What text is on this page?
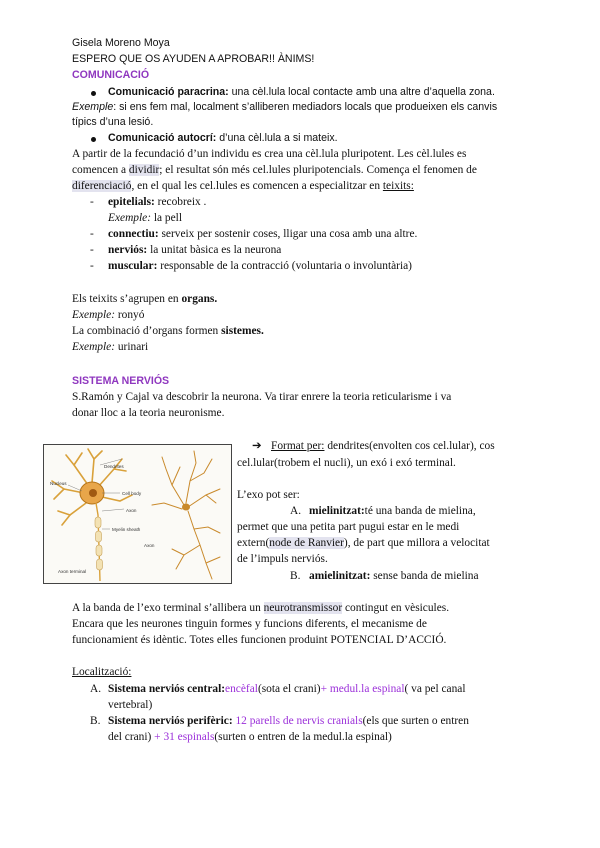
Gisela Moreno Moya
ESPERO QUE OS AYUDEN A APROBAR!! ÀNIMS!
COMUNICACIÓ
Comunicació paracrina: una cèl.lula local contacte amb una altre d’aquella zona.
Exemple: si ens fem mal, localment s’alliberen mediadors locals que produeixen els canvis
típics d’una lesió.
Comunicació autocrí: d’una cèl.lula a si mateix.
A partir de la fecundació d’un individu es crea una cèl.lula pluripotent. Les cèl.lules es
comencen a dividir; el resultat són més cel.lules pluripotencials. Comença el fenomen de
diferenciació, en el qual les cel.lules es comencen a especialitzar en teixits:
- epitelials: recobreix .
Exemple: la pell
- connectiu: serveix per sostenir coses, lligar una cosa amb una altre.
- nerviós: la unitat bàsica es la neurona
- muscular: responsable de la contracció (voluntaria o involuntària)
Els teixits s’agrupen en organs.
Exemple: ronyó
La combinació d’organs formen sistemes.
Exemple: urinari
SISTEMA NERVIÓS
S.Ramón y Cajal va descobrir la neurona. Va tirar enrere la teoria reticularisme i va
donar lloc a la teoria neuronisme.
Dendrites
Cell body
Axon
Myelin sheath
Nucleus
Axon
Axon terminal
➔ Format per: dendrites(envolten cos cel.lular), cos
cel.lular(trobem el nucli), un exó i exó terminal.
L’exo pot ser:
A. mielinitzat:té una banda de mielina,
permet que una petita part pugui estar en le medi
extern(node de Ranvier), de part que millora a velocitat
de l’impuls nerviós.
B. amielinitzat: sense banda de mielina
A la banda de l’exo terminal s’allibera un neurotransmissor contingut en vèsicules.
Encara que les neurones tinguin formes y funcions diferents, el mecanisme de
funcionamient és idèntic. Totes elles funcionen produint POTENCIAL D’ACCIÓ.
Localització:
A. Sistema nerviós central:encèfal(sota el crani)+ medul.la espinal( va pel canal
vertebral)
B. Sistema nerviós perifèric: 12 parells de nervis cranials(els que surten o entren
del crani) + 31 espinals(surten o entren de la medul.la espinal)
